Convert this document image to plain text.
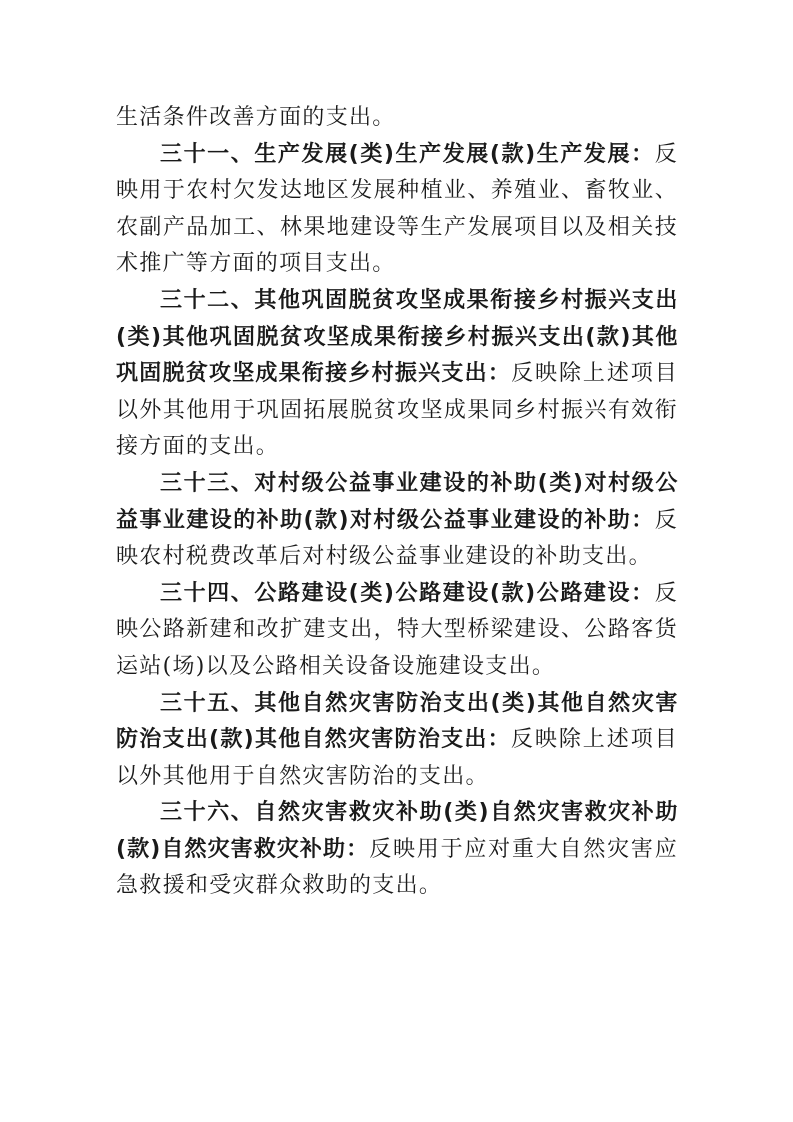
生活条件改善方面的支出。

三十一、生产发展(类)生产发展(款)生产发展：反映用于农村欠发达地区发展种植业、养殖业、畜牧业、农副产品加工、林果地建设等生产发展项目以及相关技术推广等方面的项目支出。

三十二、其他巩固脱贫攻坚成果衔接乡村振兴支出(类)其他巩固脱贫攻坚成果衔接乡村振兴支出(款)其他巩固脱贫攻坚成果衔接乡村振兴支出：反映除上述项目以外其他用于巩固拓展脱贫攻坚成果同乡村振兴有效衔接方面的支出。

三十三、对村级公益事业建设的补助(类)对村级公益事业建设的补助(款)对村级公益事业建设的补助：反映农村税费改革后对村级公益事业建设的补助支出。

三十四、公路建设(类)公路建设(款)公路建设：反映公路新建和改扩建支出，特大型桥梁建设、公路客货运站(场)以及公路相关设备设施建设支出。

三十五、其他自然灾害防治支出(类)其他自然灾害防治支出(款)其他自然灾害防治支出：反映除上述项目以外其他用于自然灾害防治的支出。

三十六、自然灾害救灾补助(类)自然灾害救灾补助(款)自然灾害救灾补助：反映用于应对重大自然灾害应急救援和受灾群众救助的支出。
